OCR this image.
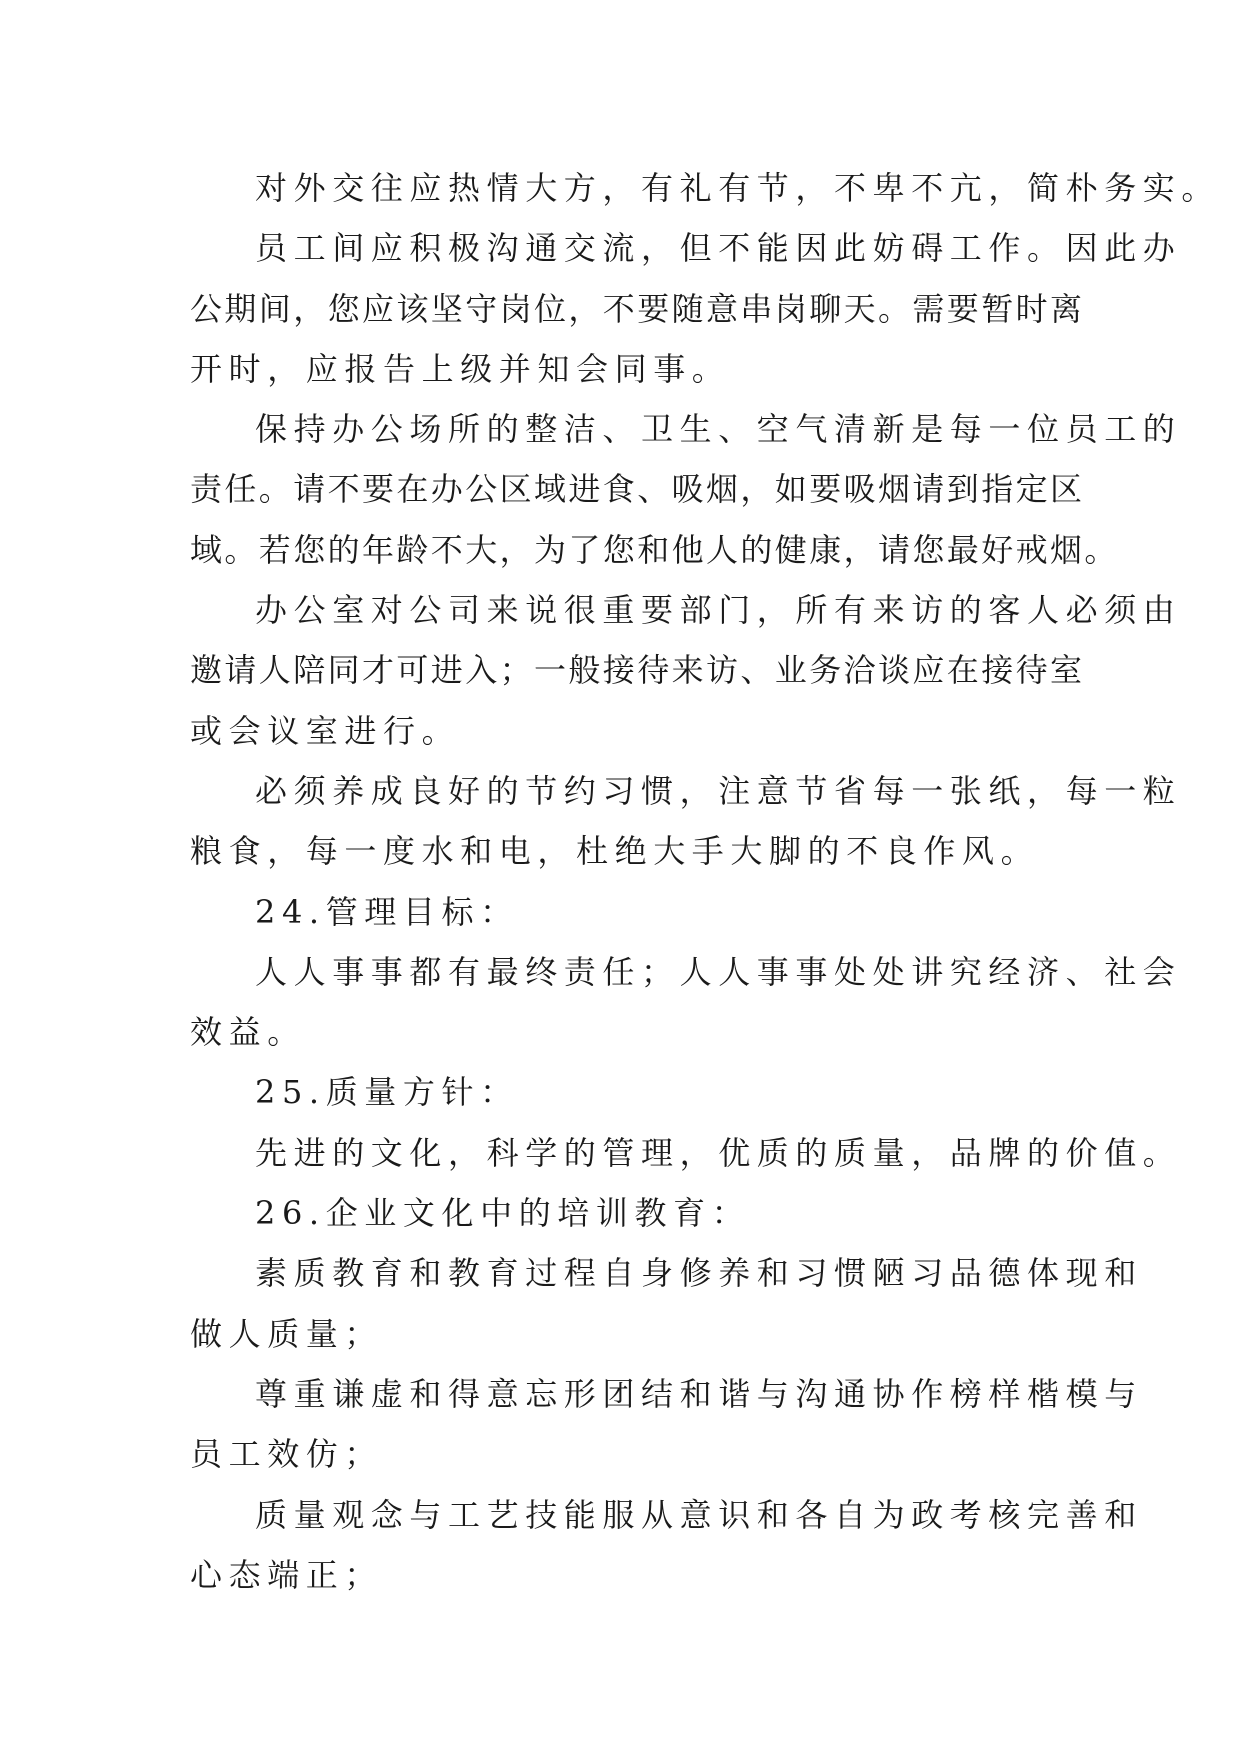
对外交往应热情大方，有礼有节，不卑不亢，简朴务实。
员工间应积极沟通交流，但不能因此妨碍工作。因此办
公期间，您应该坚守岗位，不要随意串岗聊天。需要暂时离
开时，应报告上级并知会同事。
保持办公场所的整洁、卫生、空气清新是每一位员工的
责任。请不要在办公区域进食、吸烟，如要吸烟请到指定区
域。若您的年龄不大，为了您和他人的健康，请您最好戒烟。
办公室对公司来说很重要部门，所有来访的客人必须由
邀请人陪同才可进入；一般接待来访、业务洽谈应在接待室
或会议室进行。
必须养成良好的节约习惯，注意节省每一张纸，每一粒
粮食，每一度水和电，杜绝大手大脚的不良作风。
24.管理目标：
人人事事都有最终责任；人人事事处处讲究经济、社会
效益。
25.质量方针：
先进的文化，科学的管理，优质的质量，品牌的价值。
26.企业文化中的培训教育：
素质教育和教育过程自身修养和习惯陋习品德体现和
做人质量；
尊重谦虚和得意忘形团结和谐与沟通协作榜样楷模与
员工效仿；
质量观念与工艺技能服从意识和各自为政考核完善和
心态端正；
